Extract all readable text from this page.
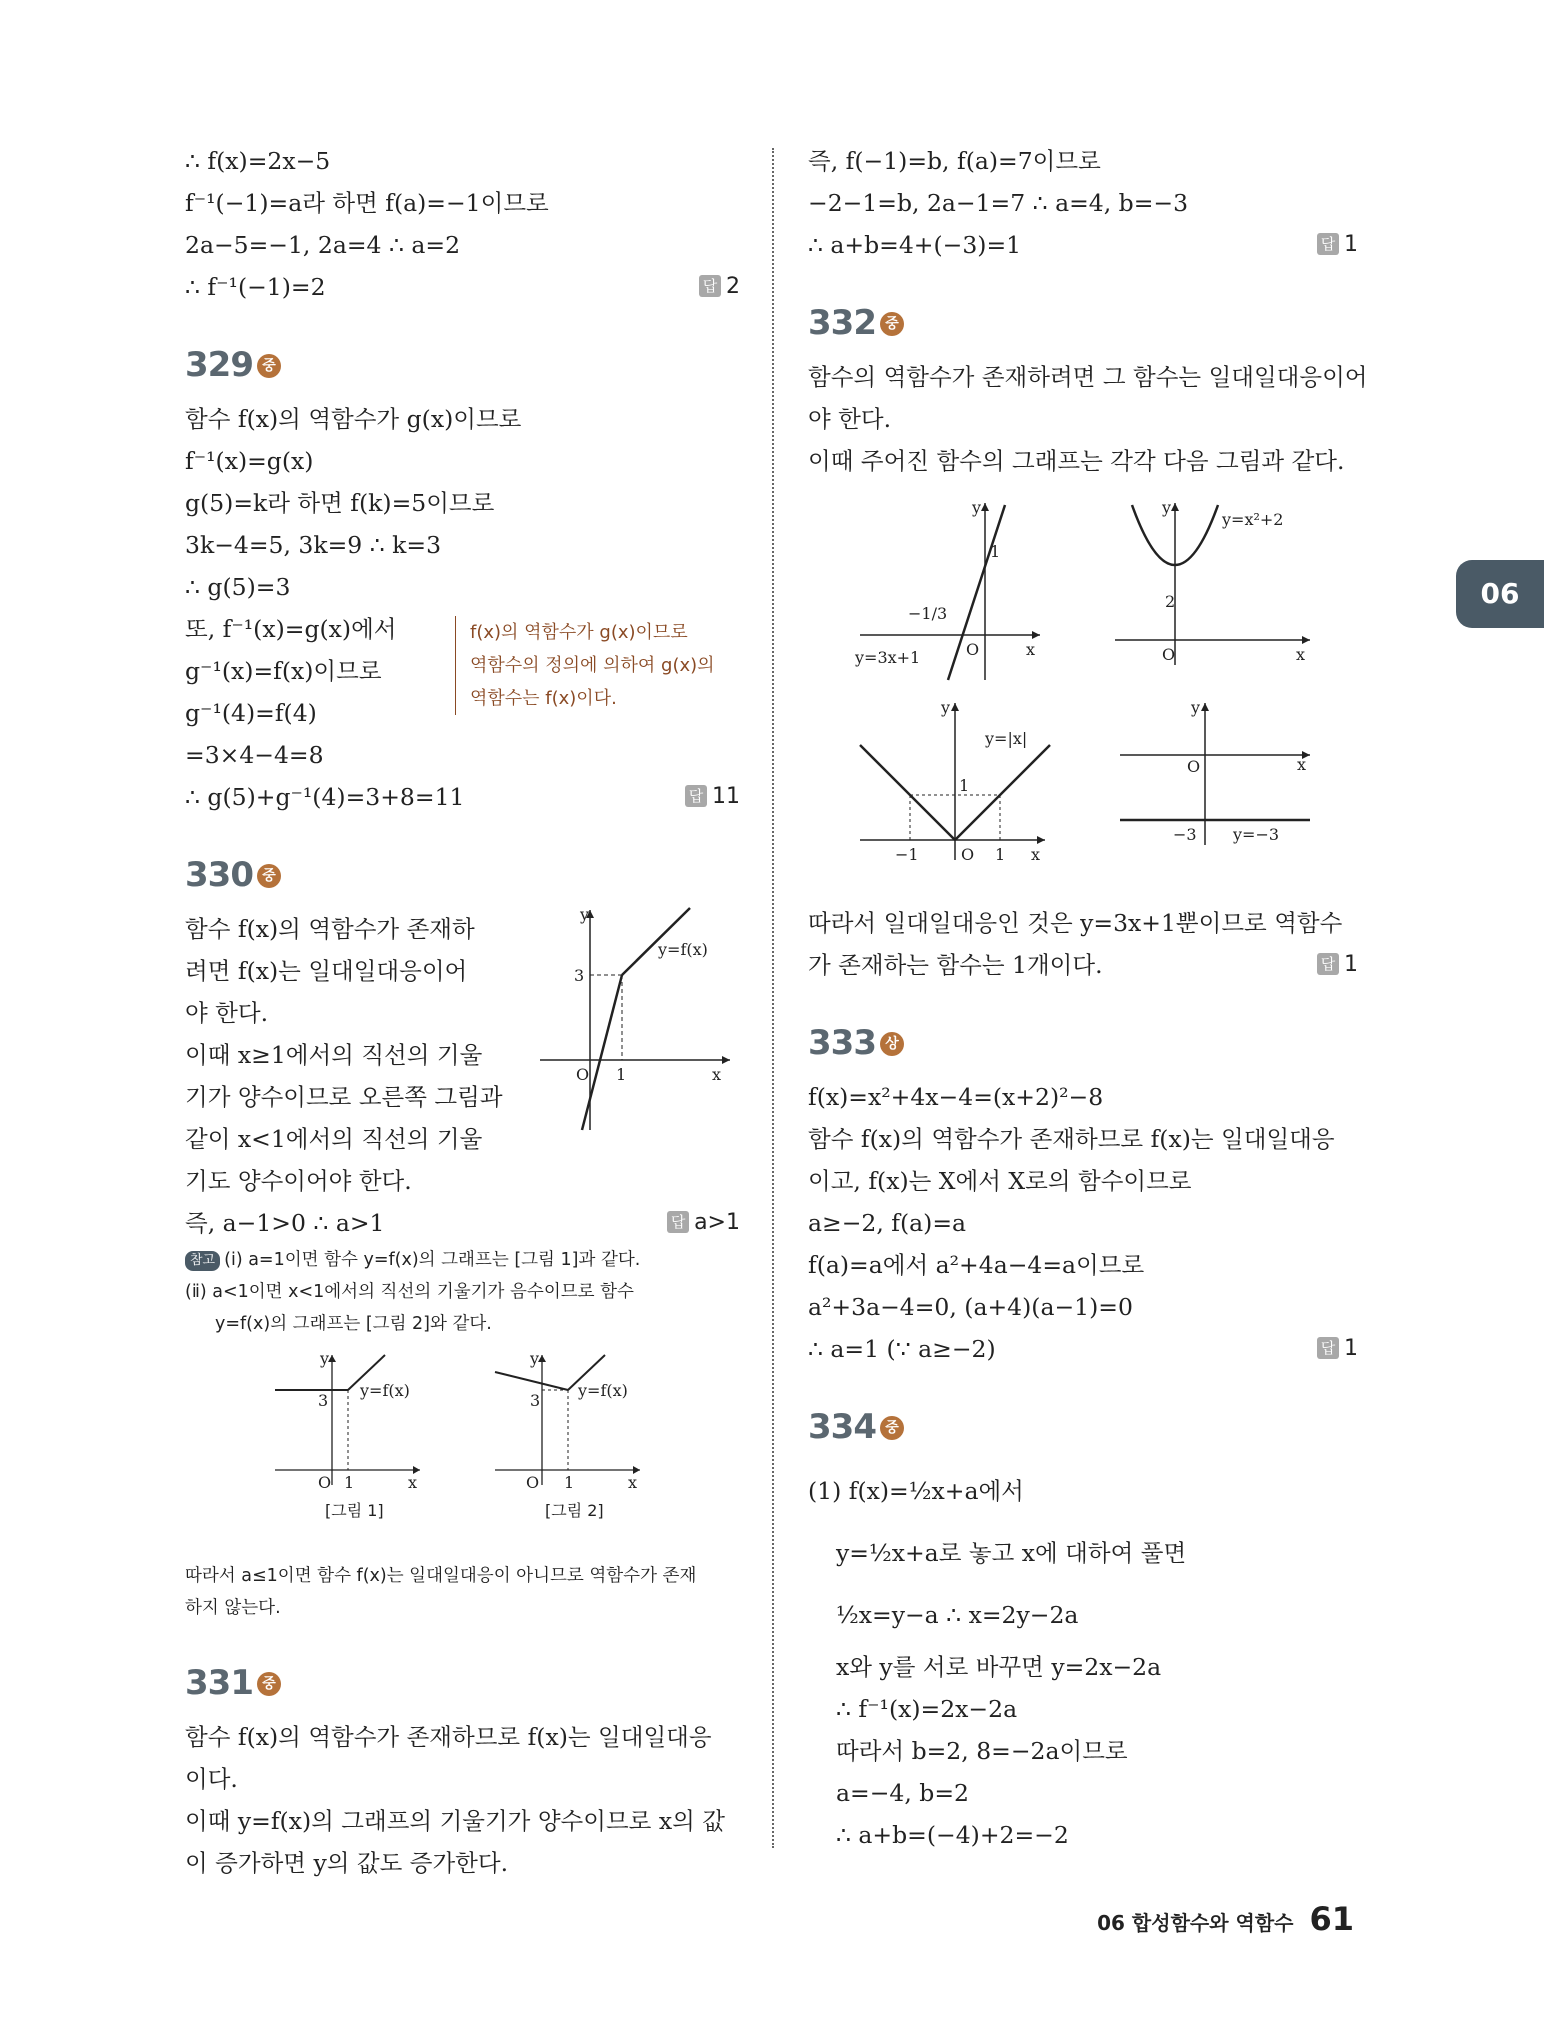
06
∴ f(x)=2x−5
f⁻¹(−1)=a라 하면 f(a)=−1이므로
2a−5=−1, 2a=4 ∴ a=2
∴ f⁻¹(−1)=2	답 2
329 중
함수 f(x)의 역함수가 g(x)이므로
f⁻¹(x)=g(x)
g(5)=k라 하면 f(k)=5이므로
3k−4=5, 3k=9 ∴ k=3
∴ g(5)=3
또, f⁻¹(x)=g(x)에서
g⁻¹(x)=f(x)이므로
g⁻¹(4)=f(4)
=3×4−4=8
∴ g(5)+g⁻¹(4)=3+8=11	답 11
330 중
함수 f(x)의 역함수가 존재하
려면 f(x)는 일대일대응이어
야 한다.
이때 x≥1에서의 직선의 기울
기가 양수이므로 오른쪽 그림과
같이 x<1에서의 직선의 기울
기도 양수이어야 한다.
즉, a−1>0 ∴ a>1	답 a>1
참고 (ⅰ) a=1이면 함수 y=f(x)의 그래프는 [그림 1]과 같다.
(ⅱ) a<1이면 x<1에서의 직선의 기울기가 음수이므로 함수
y=f(x)의 그래프는 [그림 2]와 같다.
따라서 a≤1이면 함수 f(x)는 일대일대응이 아니므로 역함수가 존재
하지 않는다.
331 중
함수 f(x)의 역함수가 존재하므로 f(x)는 일대일대응
이다.
이때 y=f(x)의 그래프의 기울기가 양수이므로 x의 값
이 증가하면 y의 값도 증가한다.
f(x)의 역함수가 g(x)이므로
역함수의 정의에 의하여 g(x)의
역함수는 f(x)이다.
y
x
O 1
3
y=f(x)
y
x
O 1
3
y=f(x)
[그림 1]
y
x
O 1
3
y=f(x)
[그림 2]
즉, f(−1)=b, f(a)=7이므로
−2−1=b, 2a−1=7 ∴ a=4, b=−3
∴ a+b=4+(−3)=1	답 1
332 중
함수의 역함수가 존재하려면 그 함수는 일대일대응이어
야 한다.
이때 주어진 함수의 그래프는 각각 다음 그림과 같다.
따라서 일대일대응인 것은 y=3x+1뿐이므로 역함수
가 존재하는 함수는 1개이다.	답 1
333 상
f(x)=x²+4x−4=(x+2)²−8
함수 f(x)의 역함수가 존재하므로 f(x)는 일대일대응
이고, f(x)는 X에서 X로의 함수이므로
a≥−2, f(a)=a
f(a)=a에서 a²+4a−4=a이므로
a²+3a−4=0, (a+4)(a−1)=0
∴ a=1 (∵ a≥−2)	답 1
334 중
(1) f(x)=½x+a에서
y=½x+a로 놓고 x에 대하여 풀면
½x=y−a ∴ x=2y−2a
x와 y를 서로 바꾸면 y=2x−2a
∴ f⁻¹(x)=2x−2a
따라서 b=2, 8=−2a이므로
a=−4, b=2
∴ a+b=(−4)+2=−2
y
x
O
1
−1/3
y=3x+1
y
x
O
2
y=x²+2
y
x
O
−1	1
1
y=|x|
y
x
O
−3 y=−3
06 합성함수와 역함수 61
